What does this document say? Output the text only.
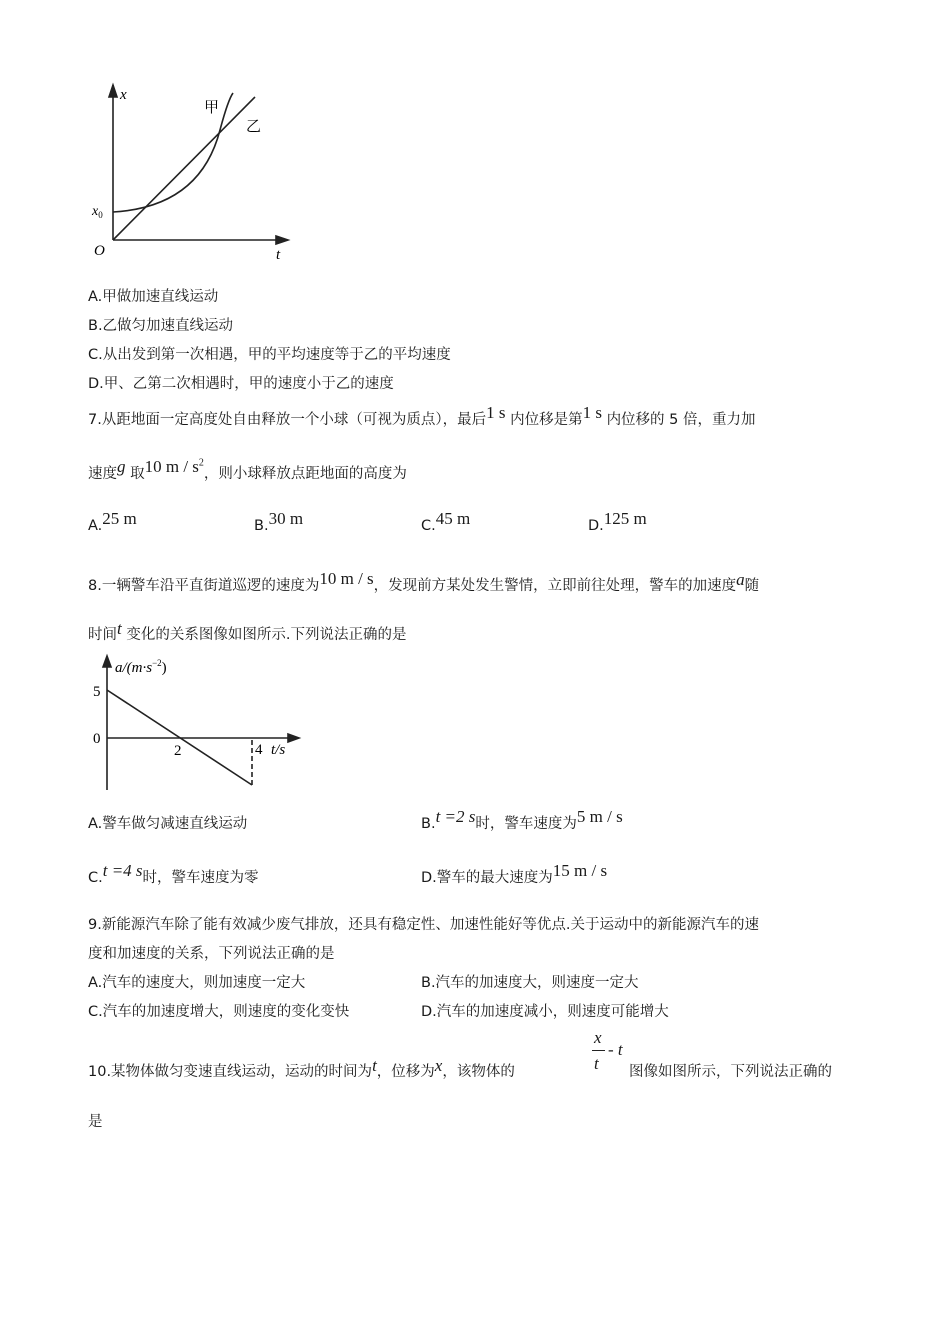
x
t
O
$x_0$
甲
乙
A.甲做加速直线运动
B.乙做匀加速直线运动
C.从出发到第一次相遇，甲的平均速度等于乙的平均速度
D.甲、乙第二次相遇时，甲的速度小于乙的速度
7.从距地面一定高度处自由释放一个小球（可视为质点），最后1 s 内位移是第1 s 内位移的 5 倍，重力加
速度g 取10 m / $s^2$，则小球释放点距地面的高度为
A.25 m	B.30 m	C.45 m	D.125 m
8.一辆警车沿平直街道巡逻的速度为10 m / s，发现前方某处发生警情，立即前往处理，警车的加速度a随
时间t 变化的关系图像如图所示.下列说法正确的是
$a/(m\cdot s^{-2})$
5
0
2	4 t/s
A.警车做匀减速直线运动	B.t =2 s时，警车速度为5 m / s
C.t =4 s时，警车速度为零	D.警车的最大速度为15 m / s
9.新能源汽车除了能有效减少废气排放，还具有稳定性、加速性能好等优点.关于运动中的新能源汽车的速
度和加速度的关系，下列说法正确的是
A.汽车的速度大，则加速度一定大	B.汽车的加速度大，则速度一定大
C.汽车的加速度增大，则速度的变化变快	D.汽车的加速度减小，则速度可能增大
10.某物体做匀变速直线运动，运动的时间为t，位移为x，该物体的
x
t
- t
图像如图所示，下列说法正确的
是
